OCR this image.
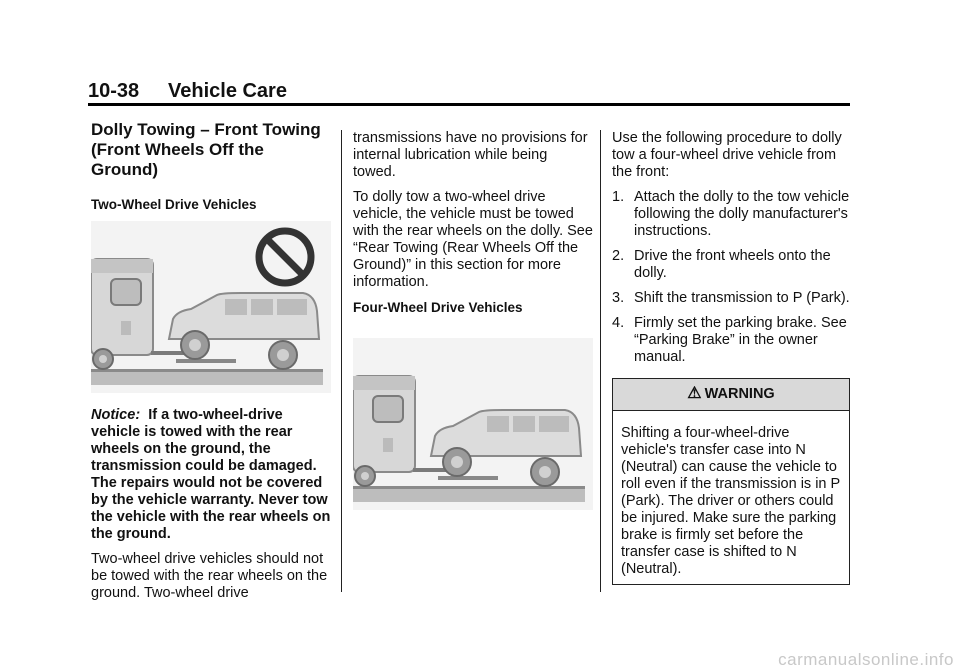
10-38 Vehicle Care
Dolly Towing – Front Towing (Front Wheels Off the Ground)
Two-Wheel Drive Vehicles

Notice: If a two-wheel-drive vehicle is towed with the rear wheels on the ground, the transmission could be damaged. The repairs would not be covered by the vehicle warranty. Never tow the vehicle with the rear wheels on the ground.

Two-wheel drive vehicles should not be towed with the rear wheels on the ground. Two-wheel drive

transmissions have no provisions for internal lubrication while being towed.

To dolly tow a two-wheel drive vehicle, the vehicle must be towed with the rear wheels on the dolly. See “Rear Towing (Rear Wheels Off the Ground)” in this section for more information.

Four-Wheel Drive Vehicles

Use the following procedure to dolly tow a four-wheel drive vehicle from the front:

1. Attach the dolly to the tow vehicle following the dolly manufacturer's instructions.
2. Drive the front wheels onto the dolly.
3. Shift the transmission to P (Park).
4. Firmly set the parking brake. See “Parking Brake” in the owner manual.
⚠ WARNING
Shifting a four-wheel-drive vehicle's transfer case into N (Neutral) can cause the vehicle to roll even if the transmission is in P (Park). The driver or others could be injured. Make sure the parking brake is firmly set before the transfer case is shifted to N (Neutral).
carmanualsonline.info
